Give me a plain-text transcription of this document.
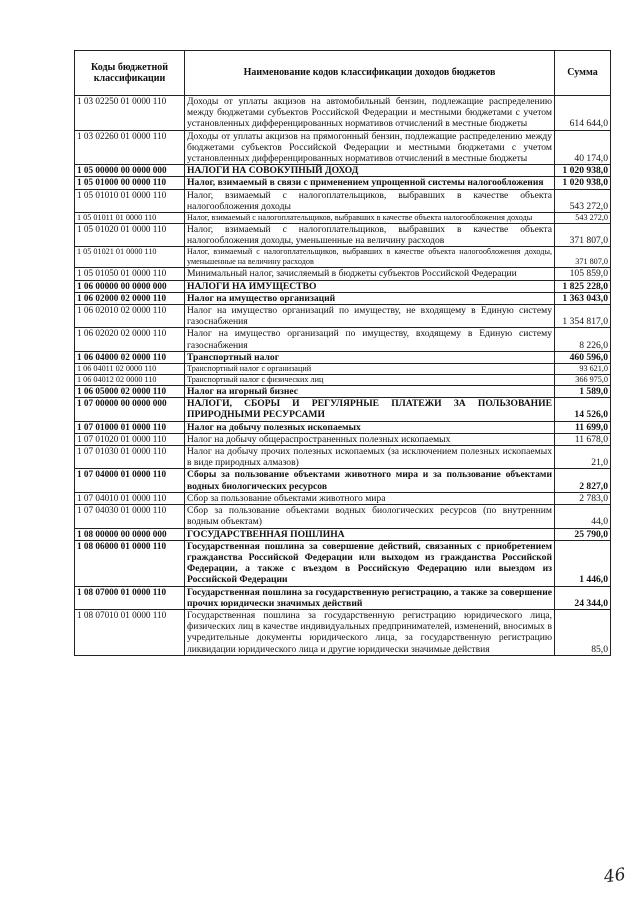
Коды бюджетной классификации	Наименование кодов классификации доходов бюджетов	Сумма
1 03 02250 01 0000 110	Доходы от уплаты акцизов на автомобильный бензин, подлежащие распределению между бюджетами субъектов Российской Федерации и местными бюджетами с учетом установленных дифференцированных нормативов отчислений в местные бюджеты	614 644,0
1 03 02260 01 0000 110	Доходы от уплаты акцизов на прямогонный бензин, подлежащие распределению между бюджетами субъектов Российской Федерации и местными бюджетами с учетом установленных дифференцированных нормативов отчислений в местные бюджеты	40 174,0
1 05 00000 00 0000 000	НАЛОГИ НА СОВОКУПНЫЙ ДОХОД	1 020 938,0
1 05 01000 00 0000 110	Налог, взимаемый в связи с применением упрощенной системы налогообложения	1 020 938,0
1 05 01010 01 0000 110	Налог, взимаемый с налогоплательщиков, выбравших в качестве объекта налогообложения доходы	543 272,0
1 05 01011 01 0000 110	Налог, взимаемый с налогоплательщиков, выбравших в качестве объекта налогообложения доходы	543 272,0
1 05 01020 01 0000 110	Налог, взимаемый с налогоплательщиков, выбравших в качестве объекта налогообложения доходы, уменьшенные на величину расходов	371 807,0
1 05 01021 01 0000 110	Налог, взимаемый с налогоплательщиков, выбравших в качестве объекта налогообложения доходы, уменьшенные на величину расходов	371 807,0
1 05 01050 01 0000 110	Минимальный налог, зачисляемый в бюджеты субъектов Российской Федерации	105 859,0
1 06 00000 00 0000 000	НАЛОГИ НА ИМУЩЕСТВО	1 825 228,0
1 06 02000 02 0000 110	Налог на имущество организаций	1 363 043,0
1 06 02010 02 0000 110	Налог на имущество организаций по имуществу, не входящему в Единую систему газоснабжения	1 354 817,0
1 06 02020 02 0000 110	Налог на имущество организаций по имуществу, входящему в Единую систему газоснабжения	8 226,0
1 06 04000 02 0000 110	Транспортный налог	460 596,0
1 06 04011 02 0000 110	Транспортный налог с организаций	93 621,0
1 06 04012 02 0000 110	Транспортный налог с физических лиц	366 975,0
1 06 05000 02 0000 110	Налог на игорный бизнес	1 589,0
1 07 00000 00 0000 000	НАЛОГИ, СБОРЫ И РЕГУЛЯРНЫЕ ПЛАТЕЖИ ЗА ПОЛЬЗОВАНИЕ ПРИРОДНЫМИ РЕСУРСАМИ	14 526,0
1 07 01000 01 0000 110	Налог на добычу полезных ископаемых	11 699,0
1 07 01020 01 0000 110	Налог на добычу общераспространенных полезных ископаемых	11 678,0
1 07 01030 01 0000 110	Налог на добычу прочих полезных ископаемых (за исключением полезных ископаемых в виде природных алмазов)	21,0
1 07 04000 01 0000 110	Сборы за пользование объектами животного мира и за пользование объектами водных биологических ресурсов	2 827,0
1 07 04010 01 0000 110	Сбор за пользование объектами животного мира	2 783,0
1 07 04030 01 0000 110	Сбор за пользование объектами водных биологических ресурсов (по внутренним водным объектам)	44,0
1 08 00000 00 0000 000	ГОСУДАРСТВЕННАЯ ПОШЛИНА	25 790,0
1 08 06000 01 0000 110	Государственная пошлина за совершение действий, связанных с приобретением гражданства Российской Федерации или выходом из гражданства Российской Федерации, а также с въездом в Российскую Федерацию или выездом из Российской Федерации	1 446,0
1 08 07000 01 0000 110	Государственная пошлина за государственную регистрацию, а также за совершение прочих юридически значимых действий	24 344,0
1 08 07010 01 0000 110	Государственная пошлина за государственную регистрацию юридического лица, физических лиц в качестве индивидуальных предпринимателей, изменений, вносимых в учредительные документы юридического лица, за государственную регистрацию ликвидации юридического лица и другие юридически значимые действия	85,0
46
